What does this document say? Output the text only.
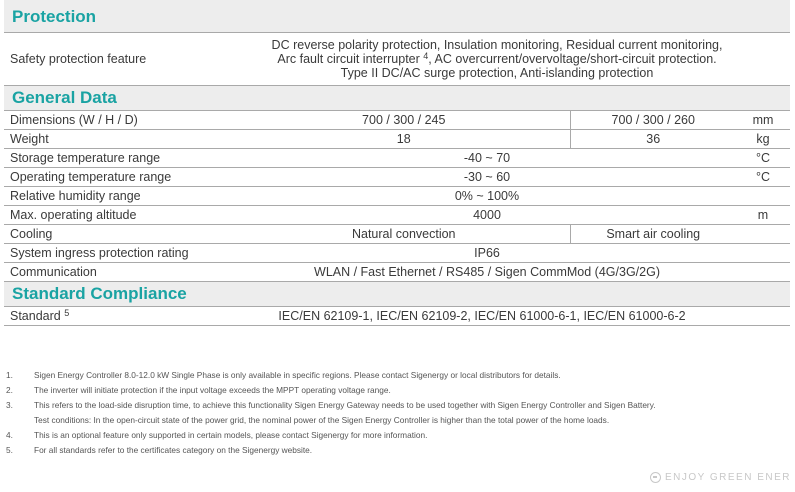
Protection			
Safety protection feature	DC reverse polarity protection, Insulation monitoring, Residual current monitoring,
Arc fault circuit interrupter $^4$, AC overcurrent/overvoltage/short-circuit protection.
Type II DC/AC surge protection, Anti-islanding protection		

General Data			
Dimensions (W / H / D)	700 / 300 / 245	700 / 300 / 260	mm
Weight	18	36	kg
Storage temperature range	-40 ~ 70		°C
Operating temperature range	-30 ~ 60		°C
Relative humidity range	0% ~ 100%		
Max. operating altitude	4000		m
Cooling	Natural convection	Smart air cooling	
System ingress protection rating	IP66		
Communication	WLAN / Fast Ethernet / RS485 / Sigen CommMod (4G/3G/2G)		
Standard Compliance			
Standard $^5$	IEC/EN 62109-1, IEC/EN 62109-2, IEC/EN 61000-6-1, IEC/EN 61000-6-2		
1.	Sigen Energy Controller 8.0-12.0 kW Single Phase is only available in specific regions. Please contact Sigenergy or local distributors for details.
2.	The inverter will initiate protection if the input voltage exceeds the MPPT operating voltage range.
3.	This refers to the load-side disruption time, to achieve this functionality Sigen Energy Gateway needs to be used together with Sigen Energy Controller and Sigen Battery.
Test conditions: In the open-circuit state of the power grid, the nominal power of the Sigen Energy Controller is higher than the total power of the home loads.
4.	This is an optional feature only supported in certain models, please contact Sigenergy for more information.
5.	For all standards refer to the certificates category on the Sigenergy website.
ENJOY GREEN ENER
